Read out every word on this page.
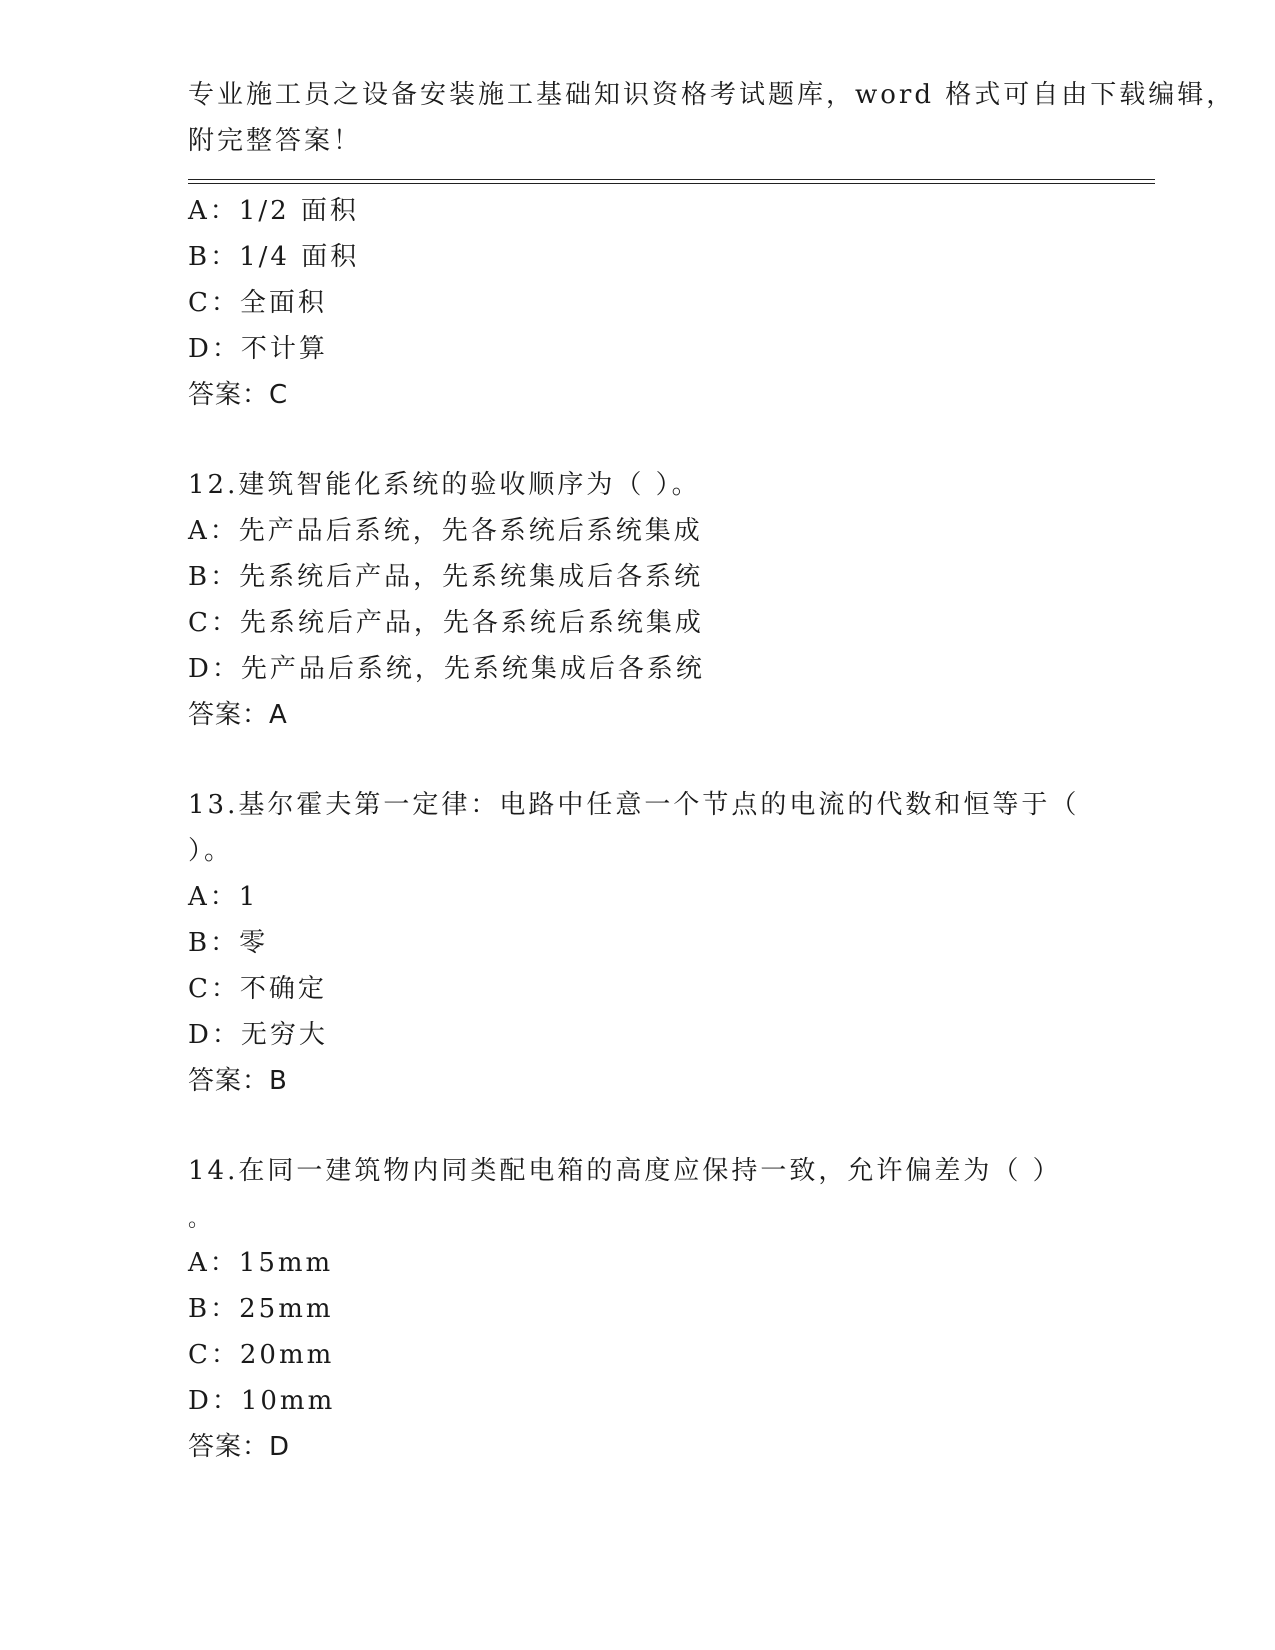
专业施工员之设备安装施工基础知识资格考试题库，word 格式可自由下载编辑，
附完整答案！
A：1/2 面积
B：1/4 面积
C：全面积
D：不计算
答案：C
12.建筑智能化系统的验收顺序为（ ）。
A：先产品后系统，先各系统后系统集成
B：先系统后产品，先系统集成后各系统
C：先系统后产品，先各系统后系统集成
D：先产品后系统，先系统集成后各系统
答案：A
13.基尔霍夫第一定律：电路中任意一个节点的电流的代数和恒等于（
）。
A：1
B：零
C：不确定
D：无穷大
答案：B
14.在同一建筑物内同类配电箱的高度应保持一致，允许偏差为（ ）
。
A：15mm
B：25mm
C：20mm
D：10mm
答案：D
